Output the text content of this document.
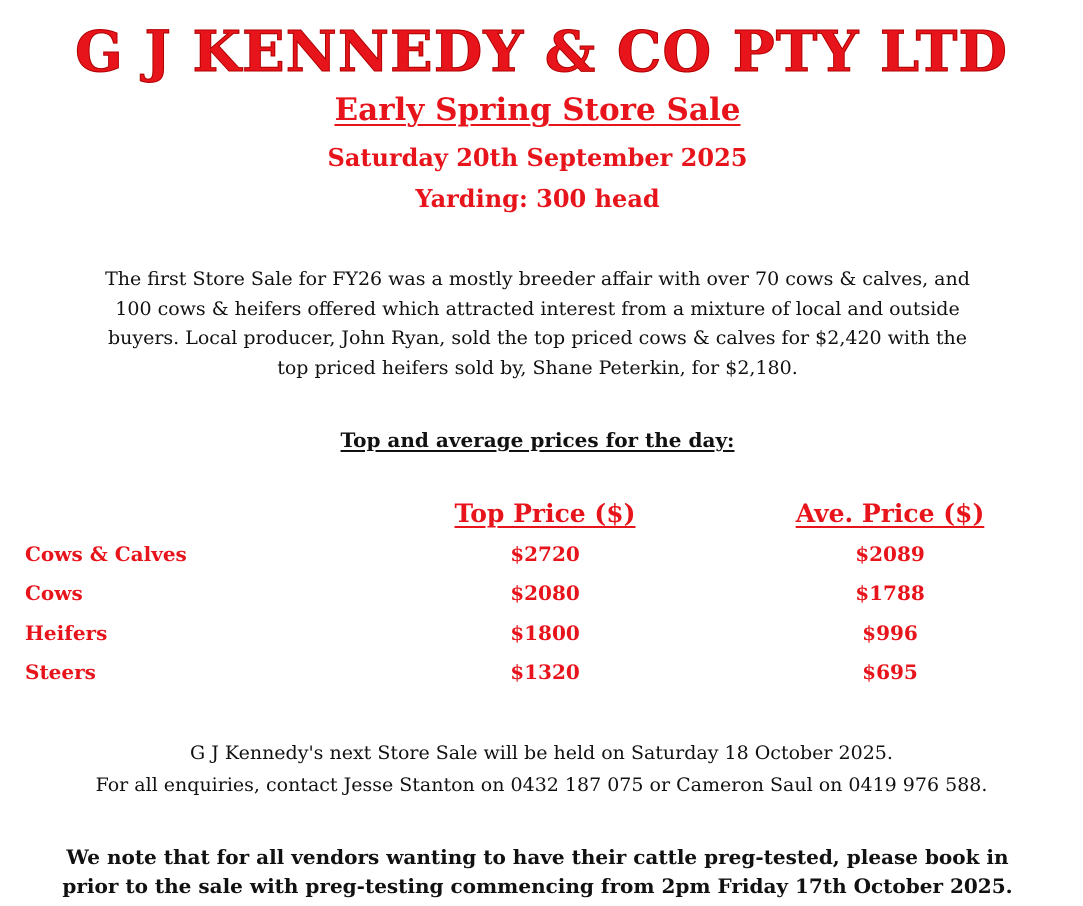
G J KENNEDY & CO PTY LTD
Early Spring Store Sale
Saturday 20th September 2025
Yarding: 300 head
The first Store Sale for FY26 was a mostly breeder affair with over 70 cows & calves, and
100 cows & heifers offered which attracted interest from a mixture of local and outside
buyers. Local producer, John Ryan, sold the top priced cows & calves for $2,420 with the
top priced heifers sold by, Shane Peterkin, for $2,180.
Top and average prices for the day:
	Top Price ($)	Ave. Price ($)
Cows & Calves	$2720	$2089
Cows	$2080	$1788
Heifers	$1800	$996
Steers	$1320	$695
G J Kennedy's next Store Sale will be held on Saturday 18 October 2025.
For all enquiries, contact Jesse Stanton on 0432 187 075 or Cameron Saul on 0419 976 588.
We note that for all vendors wanting to have their cattle preg-tested, please book in
prior to the sale with preg-testing commencing from 2pm Friday 17th October 2025.
